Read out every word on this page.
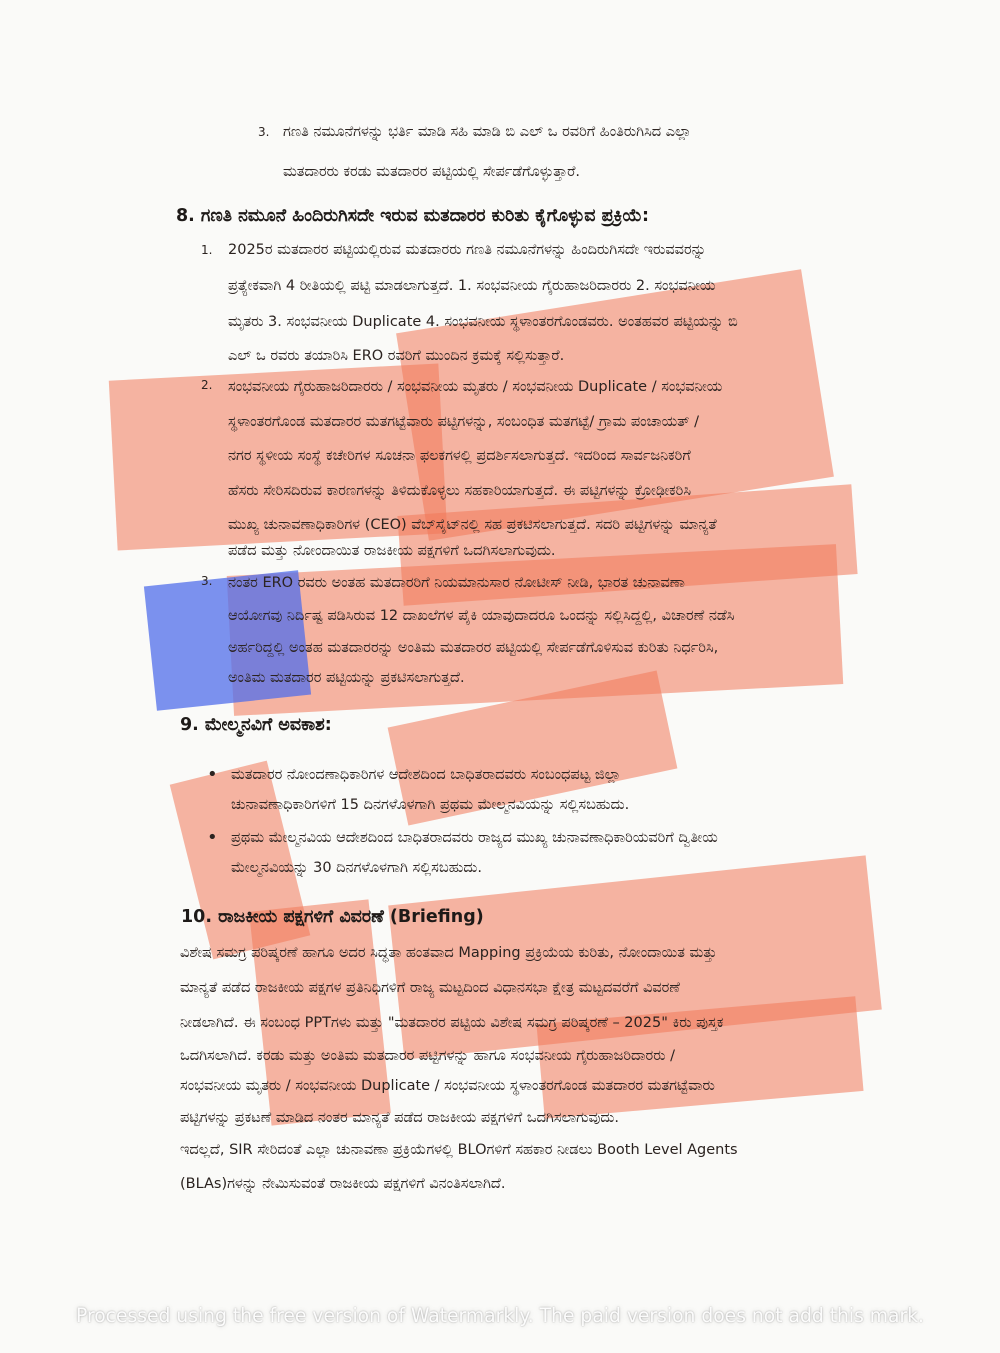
3. ಗಣತಿ ನಮೂನೆಗಳನ್ನು ಭರ್ತಿ ಮಾಡಿ ಸಹಿ ಮಾಡಿ ಬಿ ಎಲ್ ಒ ರವರಿಗೆ ಹಿಂತಿರುಗಿಸಿದ ಎಲ್ಲಾ
ಮತದಾರರು ಕರಡು ಮತದಾರರ ಪಟ್ಟಿಯಲ್ಲಿ ಸೇರ್ಪಡೆಗೊಳ್ಳುತ್ತಾರೆ.
8. ಗಣತಿ ನಮೂನೆ ಹಿಂದಿರುಗಿಸದೇ ಇರುವ ಮತದಾರರ ಕುರಿತು ಕೈಗೊಳ್ಳುವ ಪ್ರಕ್ರಿಯೆ:
1. 2025ರ ಮತದಾರರ ಪಟ್ಟಿಯಲ್ಲಿರುವ ಮತದಾರರು ಗಣತಿ ನಮೂನೆಗಳನ್ನು ಹಿಂದಿರುಗಿಸದೇ ಇರುವವರನ್ನು
ಪ್ರತ್ಯೇಕವಾಗಿ 4 ರೀತಿಯಲ್ಲಿ ಪಟ್ಟಿ ಮಾಡಲಾಗುತ್ತದೆ. 1. ಸಂಭವನೀಯ ಗೈರುಹಾಜರಿದಾರರು 2. ಸಂಭವನೀಯ
ಮೃತರು 3. ಸಂಭವನೀಯ Duplicate 4. ಸಂಭವನೀಯ ಸ್ಥಳಾಂತರಗೊಂಡವರು. ಅಂತಹವರ ಪಟ್ಟಿಯನ್ನು ಬಿ
ಎಲ್ ಒ ರವರು ತಯಾರಿಸಿ ERO ರವರಿಗೆ ಮುಂದಿನ ಕ್ರಮಕ್ಕೆ ಸಲ್ಲಿಸುತ್ತಾರೆ.
2. ಸಂಭವನೀಯ ಗೈರುಹಾಜರಿದಾರರು / ಸಂಭವನೀಯ ಮೃತರು / ಸಂಭವನೀಯ Duplicate / ಸಂಭವನೀಯ
ಸ್ಥಳಾಂತರಗೊಂಡ ಮತದಾರರ ಮತಗಟ್ಟೆವಾರು ಪಟ್ಟಿಗಳನ್ನು, ಸಂಬಂಧಿತ ಮತಗಟ್ಟೆ/ ಗ್ರಾಮ ಪಂಚಾಯತ್ /
ನಗರ ಸ್ಥಳೀಯ ಸಂಸ್ಥೆ ಕಚೇರಿಗಳ ಸೂಚನಾ ಫಲಕಗಳಲ್ಲಿ ಪ್ರದರ್ಶಿಸಲಾಗುತ್ತದೆ. ಇದರಿಂದ ಸಾರ್ವಜನಿಕರಿಗೆ
ಹೆಸರು ಸೇರಿಸದಿರುವ ಕಾರಣಗಳನ್ನು ತಿಳಿದುಕೊಳ್ಳಲು ಸಹಕಾರಿಯಾಗುತ್ತದೆ. ಈ ಪಟ್ಟಿಗಳನ್ನು ಕ್ರೋಢೀಕರಿಸಿ
ಮುಖ್ಯ ಚುನಾವಣಾಧಿಕಾರಿಗಳ (CEO) ವೆಬ್‌ಸೈಟ್‌ನಲ್ಲಿ ಸಹ ಪ್ರಕಟಿಸಲಾಗುತ್ತದೆ. ಸದರಿ ಪಟ್ಟಿಗಳನ್ನು ಮಾನ್ಯತೆ
ಪಡೆದ ಮತ್ತು ನೋಂದಾಯಿತ ರಾಜಕೀಯ ಪಕ್ಷಗಳಿಗೆ ಒದಗಿಸಲಾಗುವುದು.
3. ನಂತರ ERO ರವರು ಅಂತಹ ಮತದಾರರಿಗೆ ನಿಯಮಾನುಸಾರ ನೋಟೀಸ್ ನೀಡಿ, ಭಾರತ ಚುನಾವಣಾ
ಆಯೋಗವು ನಿರ್ದಿಷ್ಟ ಪಡಿಸಿರುವ 12 ದಾಖಲೆಗಳ ಪೈಕಿ ಯಾವುದಾದರೂ ಒಂದನ್ನು ಸಲ್ಲಿಸಿದ್ದಲ್ಲಿ, ವಿಚಾರಣೆ ನಡೆಸಿ
ಅರ್ಹರಿದ್ದಲ್ಲಿ ಅಂತಹ ಮತದಾರರನ್ನು ಅಂತಿಮ ಮತದಾರರ ಪಟ್ಟಿಯಲ್ಲಿ ಸೇರ್ಪಡೆಗೊಳಿಸುವ ಕುರಿತು ನಿರ್ಧರಿಸಿ,
ಅಂತಿಮ ಮತದಾರರ ಪಟ್ಟಿಯನ್ನು ಪ್ರಕಟಿಸಲಾಗುತ್ತದೆ.
9. ಮೇಲ್ಮನವಿಗೆ ಅವಕಾಶ:
• ಮತದಾರರ ನೋಂದಣಾಧಿಕಾರಿಗಳ ಆದೇಶದಿಂದ ಬಾಧಿತರಾದವರು ಸಂಬಂಧಪಟ್ಟ ಜಿಲ್ಲಾ
ಚುನಾವಣಾಧಿಕಾರಿಗಳಿಗೆ 15 ದಿನಗಳೊಳಗಾಗಿ ಪ್ರಥಮ ಮೇಲ್ಮನವಿಯನ್ನು ಸಲ್ಲಿಸಬಹುದು.
• ಪ್ರಥಮ ಮೇಲ್ಮನವಿಯ ಆದೇಶದಿಂದ ಬಾಧಿತರಾದವರು ರಾಜ್ಯದ ಮುಖ್ಯ ಚುನಾವಣಾಧಿಕಾರಿಯವರಿಗೆ ದ್ವಿತೀಯ
ಮೇಲ್ಮನವಿಯನ್ನು 30 ದಿನಗಳೊಳಗಾಗಿ ಸಲ್ಲಿಸಬಹುದು.
10. ರಾಜಕೀಯ ಪಕ್ಷಗಳಿಗೆ ವಿವರಣೆ (Briefing)
ವಿಶೇಷ ಸಮಗ್ರ ಪರಿಷ್ಕರಣೆ ಹಾಗೂ ಅದರ ಸಿದ್ಧತಾ ಹಂತವಾದ Mapping ಪ್ರಕ್ರಿಯೆಯ ಕುರಿತು, ನೋಂದಾಯಿತ ಮತ್ತು
ಮಾನ್ಯತೆ ಪಡೆದ ರಾಜಕೀಯ ಪಕ್ಷಗಳ ಪ್ರತಿನಿಧಿಗಳಿಗೆ ರಾಜ್ಯ ಮಟ್ಟದಿಂದ ವಿಧಾನಸಭಾ ಕ್ಷೇತ್ರ ಮಟ್ಟದವರೆಗೆ ವಿವರಣೆ
ನೀಡಲಾಗಿದೆ. ಈ ಸಂಬಂಧ PPTಗಳು ಮತ್ತು "ಮತದಾರರ ಪಟ್ಟಿಯ ವಿಶೇಷ ಸಮಗ್ರ ಪರಿಷ್ಕರಣೆ – 2025" ಕಿರು ಪುಸ್ತಕ
ಒದಗಿಸಲಾಗಿದೆ. ಕರಡು ಮತ್ತು ಅಂತಿಮ ಮತದಾರರ ಪಟ್ಟಿಗಳನ್ನು ಹಾಗೂ ಸಂಭವನೀಯ ಗೈರುಹಾಜರಿದಾರರು /
ಸಂಭವನೀಯ ಮೃತರು / ಸಂಭವನೀಯ Duplicate / ಸಂಭವನೀಯ ಸ್ಥಳಾಂತರಗೊಂಡ ಮತದಾರರ ಮತಗಟ್ಟೆವಾರು
ಪಟ್ಟಿಗಳನ್ನು ಪ್ರಕಟಣೆ ಮಾಡಿದ ನಂತರ ಮಾನ್ಯತೆ ಪಡೆದ ರಾಜಕೀಯ ಪಕ್ಷಗಳಿಗೆ ಒದಗಿಸಲಾಗುವುದು.
ಇದಲ್ಲದೆ, SIR ಸೇರಿದಂತೆ ಎಲ್ಲಾ ಚುನಾವಣಾ ಪ್ರಕ್ರಿಯೆಗಳಲ್ಲಿ BLOಗಳಿಗೆ ಸಹಕಾರ ನೀಡಲು Booth Level Agents
(BLAs)ಗಳನ್ನು ನೇಮಿಸುವಂತೆ ರಾಜಕೀಯ ಪಕ್ಷಗಳಿಗೆ ವಿನಂತಿಸಲಾಗಿದೆ.
Processed using the free version of Watermarkly. The paid version does not add this mark.
